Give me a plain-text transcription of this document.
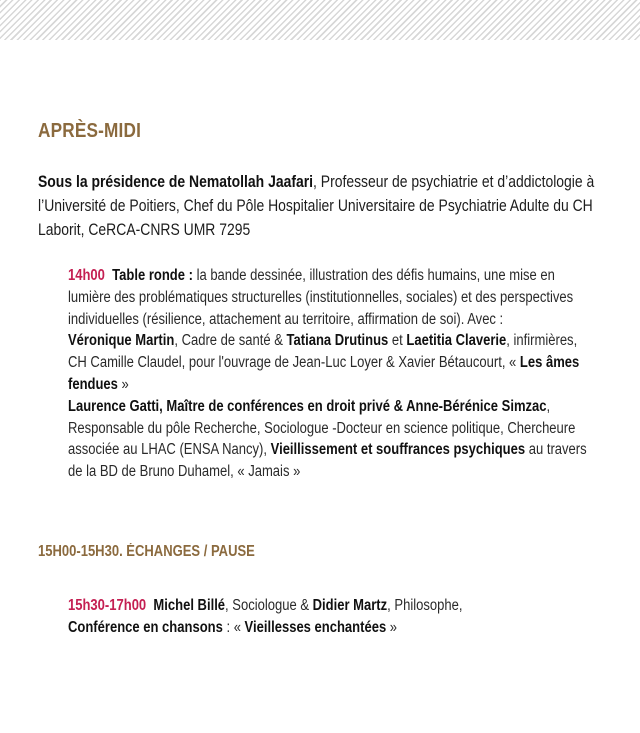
APRÈS-MIDI
Sous la présidence de Nematollah Jaafari, Professeur de psychiatrie et d’addictologie à l’Université de Poitiers, Chef du Pôle Hospitalier Universitaire de Psychiatrie Adulte du CH Laborit, CeRCA-CNRS UMR 7295
14h00 Table ronde : la bande dessinée, illustration des défis humains, une mise en lumière des problématiques structurelles (institutionnelles, sociales) et des perspectives individuelles (résilience, attachement au territoire, affirmation de soi). Avec :
Véronique Martin, Cadre de santé & Tatiana Drutinus et Laetitia Claverie, infirmières, CH Camille Claudel, pour l'ouvrage de Jean-Luc Loyer & Xavier Bétaucourt, « Les âmes fendues »
Laurence Gatti, Maître de conférences en droit privé & Anne-Bérénice Simzac, Responsable du pôle Recherche, Sociologue -Docteur en science politique, Chercheure associée au LHAC (ENSA Nancy), Vieillissement et souffrances psychiques au travers de la BD de Bruno Duhamel, « Jamais »
15H00-15H30. ÉCHANGES / PAUSE
15h30-17h00 Michel Billé, Sociologue & Didier Martz, Philosophe,
Conférence en chansons : « Vieillesses enchantées »
